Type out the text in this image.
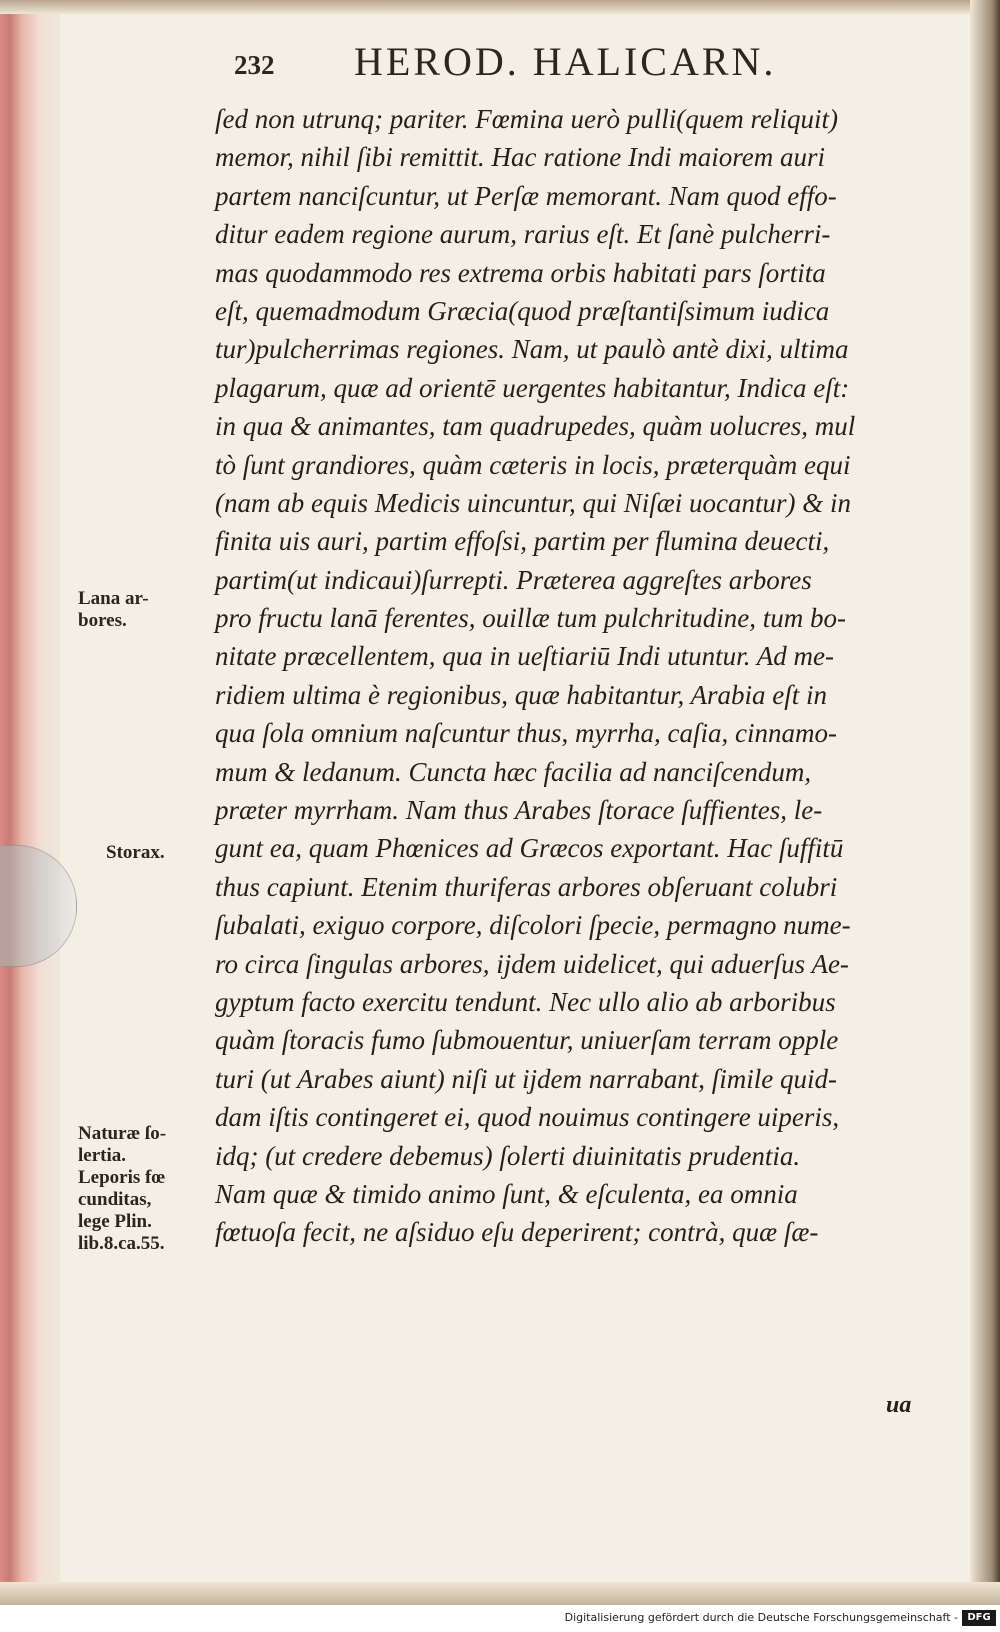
232 HEROD. HALICARN.
ſed non utrunq; pariter. Fœmina uerò pulli(quem reliquit)
memor, nihil ſibi remittit. Hac ratione Indi maiorem auri
partem nanciſcuntur, ut Perſæ memorant. Nam quod effo-
ditur eadem regione aurum, rarius eſt. Et ſanè pulcherri-
mas quodammodo res extrema orbis habitati pars ſortita
eſt, quemadmodum Græcia(quod præſtantiſsimum iudica
tur)pulcherrimas regiones. Nam, ut paulò antè dixi, ultima
plagarum, quæ ad orientē uergentes habitantur, Indica eſt:
in qua & animantes, tam quadrupedes, quàm uolucres, mul
tò ſunt grandiores, quàm cæteris in locis, præterquàm equi
(nam ab equis Medicis uincuntur, qui Niſæi uocantur) & in
finita uis auri, partim effoſsi, partim per flumina deuecti,
partim(ut indicaui)ſurrepti. Præterea aggreſtes arbores
pro fructu lanā ferentes, ouillæ tum pulchritudine, tum bo-
nitate præcellentem, qua in ueſtiariū Indi utuntur. Ad me-
ridiem ultima è regionibus, quæ habitantur, Arabia eſt in
qua ſola omnium naſcuntur thus, myrrha, caſia, cinnamo-
mum & ledanum. Cuncta hæc facilia ad nanciſcendum,
præter myrrham. Nam thus Arabes ſtorace ſuffientes, le-
gunt ea, quam Phœnices ad Græcos exportant. Hac ſuffitū
thus capiunt. Etenim thuriferas arbores obſeruant colubri
ſubalati, exiguo corpore, diſcolori ſpecie, permagno nume-
ro circa ſingulas arbores, ijdem uidelicet, qui aduerſus Ae-
gyptum facto exercitu tendunt. Nec ullo alio ab arboribus
quàm ſtoracis fumo ſubmouentur, uniuerſam terram opple
turi (ut Arabes aiunt) niſi ut ijdem narrabant, ſimile quid-
dam iſtis contingeret ei, quod nouimus contingere uiperis,
idq; (ut credere debemus) ſolerti diuinitatis prudentia.
Nam quæ & timido animo ſunt, & eſculenta, ea omnia
fœtuoſa fecit, ne aſsiduo eſu deperirent; contrà, quæ ſæ-
ua
Lana ar-
bores.
Storax.
Naturæ ſo-
lertia.
Leporis fœ
cunditas,
lege Plin.
lib.8.ca.55.
Digitalisierung gefördert durch die Deutsche Forschungsgemeinschaft - DFG
